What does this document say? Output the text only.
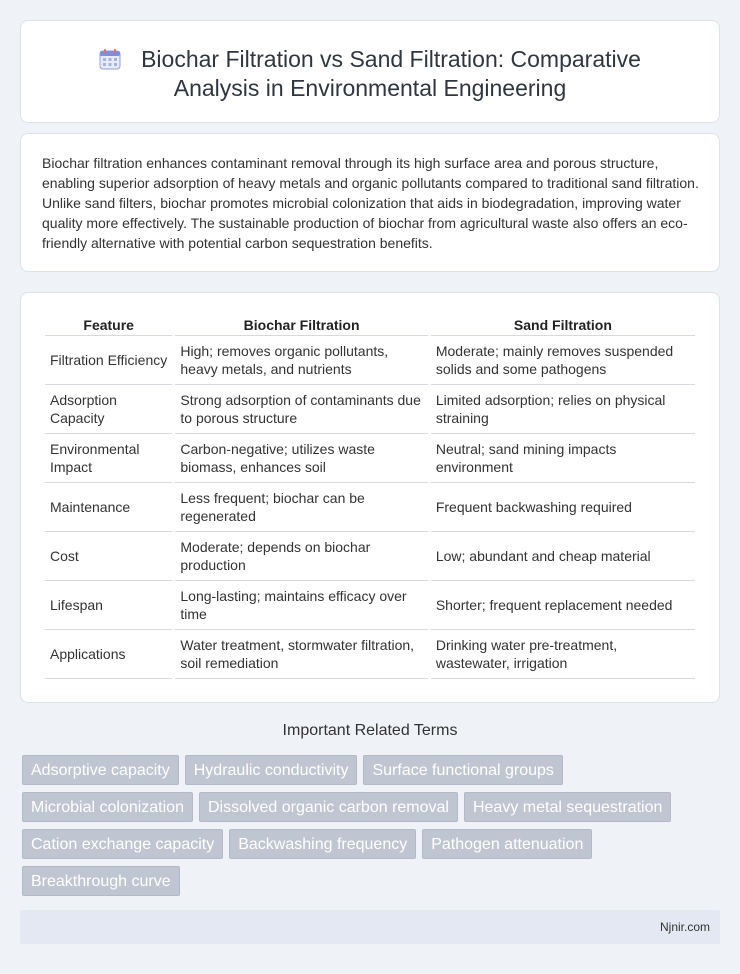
Biochar Filtration vs Sand Filtration: Comparative
Analysis in Environmental Engineering

Biochar filtration enhances contaminant removal through its high surface area and porous structure, enabling superior adsorption of heavy metals and organic pollutants compared to traditional sand filtration. Unlike sand filters, biochar promotes microbial colonization that aids in biodegradation, improving water quality more effectively. The sustainable production of biochar from agricultural waste also offers an eco-friendly alternative with potential carbon sequestration benefits.

Feature	Biochar Filtration	Sand Filtration
Filtration Efficiency	High; removes organic pollutants, heavy metals, and nutrients	Moderate; mainly removes suspended solids and some pathogens
Adsorption Capacity	Strong adsorption of contaminants due to porous structure	Limited adsorption; relies on physical straining
Environmental Impact	Carbon-negative; utilizes waste biomass, enhances soil	Neutral; sand mining impacts environment
Maintenance	Less frequent; biochar can be regenerated	Frequent backwashing required
Cost	Moderate; depends on biochar production	Low; abundant and cheap material
Lifespan	Long-lasting; maintains efficacy over time	Shorter; frequent replacement needed
Applications	Water treatment, stormwater filtration, soil remediation	Drinking water pre-treatment, wastewater, irrigation
Important Related Terms
Adsorptive capacity	Hydraulic conductivity	Surface functional groups
Microbial colonization	Dissolved organic carbon removal	Heavy metal sequestration
Cation exchange capacity	Backwashing frequency	Pathogen attenuation
Breakthrough curve
Njnir.com
